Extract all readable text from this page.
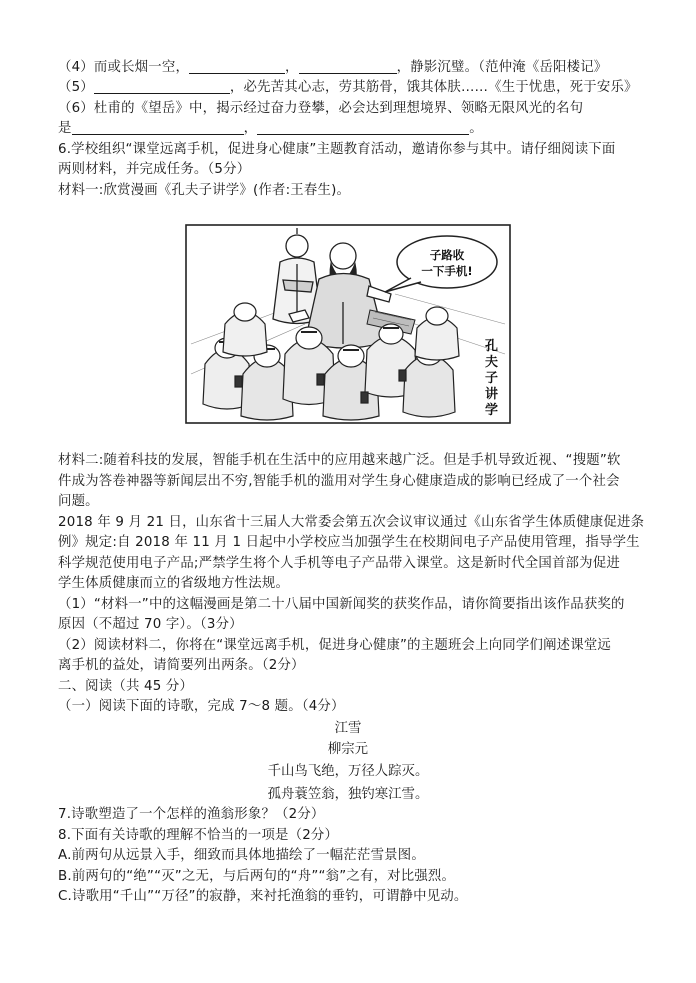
（4）而或长烟一空，	，	，静影沉璧。（范仲淹《岳阳楼记》
（5）	，必先苦其心志，劳其筋骨，饿其体肤……《生于忧患，死于安乐》
（6）杜甫的《望岳》中，揭示经过奋力登攀，必会达到理想境界、领略无限风光的名句
是	，	。
6.学校组织“课堂远离手机，促进身心健康”主题教育活动，邀请你参与其中。请仔细阅读下面
两则材料，并完成任务。（5分）
材料一:欣赏漫画《孔夫子讲学》(作者:王春生)。
子路收
一下手机!
孔 夫 子 讲 学
材料二:随着科技的发展，智能手机在生活中的应用越来越广泛。但是手机导致近视、“搜题”软
件成为答卷神器等新闻层出不穷,智能手机的滥用对学生身心健康造成的影响已经成了一个社会
问题。
2018 年 9 月 21 日，山东省十三届人大常委会第五次会议审议通过《山东省学生体质健康促进条
例》规定:自 2018 年 11 月 1 日起中小学校应当加强学生在校期间电子产品使用管理，指导学生
科学规范使用电子产品;严禁学生将个人手机等电子产品带入课堂。这是新时代全国首部为促进
学生体质健康而立的省级地方性法规。
（1）“材料一”中的这幅漫画是第二十八届中国新闻奖的获奖作品，请你简要指出该作品获奖的
原因（不超过 70 字）。（3分）
（2）阅读材料二，你将在“课堂远离手机，促进身心健康”的主题班会上向同学们阐述课堂远
离手机的益处，请简要列出两条。（2分）
二、阅读（共 45 分）
（一）阅读下面的诗歌，完成 7～8 题。（4分）
江雪
柳宗元
千山鸟飞绝，万径人踪灭。
孤舟蓑笠翁，独钓寒江雪。
7.诗歌塑造了一个怎样的渔翁形象？（2分）
8.下面有关诗歌的理解不恰当的一项是（2分）
A.前两句从远景入手，细致而具体地描绘了一幅茫茫雪景图。
B.前两句的“绝”“灭”之无，与后两句的“舟”“翁”之有，对比强烈。
C.诗歌用“千山”“万径”的寂静，来衬托渔翁的垂钓，可谓静中见动。
